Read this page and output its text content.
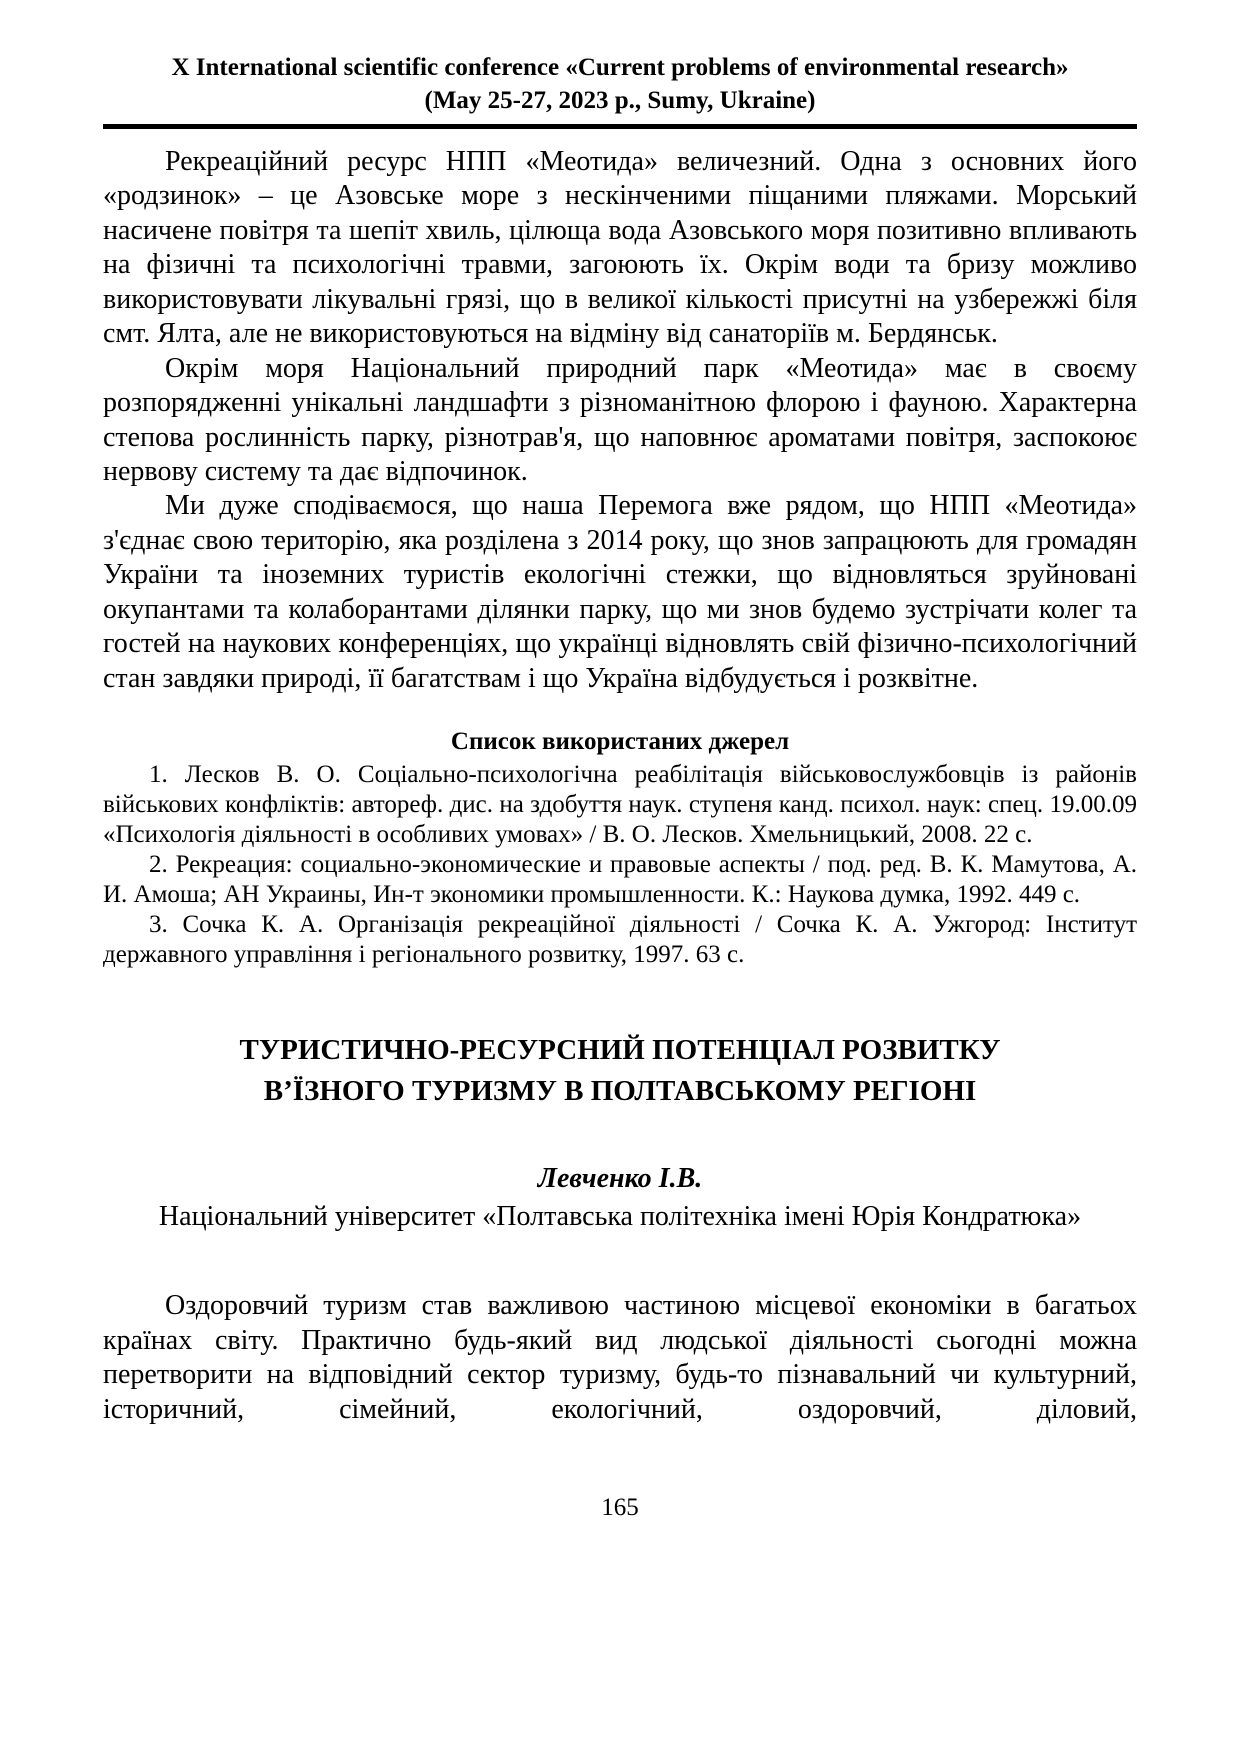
X International scientific conference «Current problems of environmental research»
(May 25-27, 2023 р., Sumy, Ukraine)

Рекреаційний ресурс НПП «Меотида» величезний. Одна з основних його «родзинок» – це Азовське море з нескінченими піщаними пляжами. Морський насичене повітря та шепіт хвиль, цілюща вода Азовського моря позитивно впливають на фізичні та психологічні травми, загоюють їх. Окрім води та бризу можливо використовувати лікувальні грязі, що в великої кількості присутні на узбережжі біля смт. Ялта, але не використовуються на відміну від санаторіїв м. Бердянськ.

Окрім моря Національний природний парк «Меотида» має в своєму розпорядженні унікальні ландшафти з різноманітною флорою і фауною. Характерна степова рослинність парку, різнотрав'я, що наповнює ароматами повітря, заспокоює нервову систему та дає відпочинок.

Ми дуже сподіваємося, що наша Перемога вже рядом, що НПП «Меотида» з'єднає свою територію, яка розділена з 2014 року, що знов запрацюють для громадян України та іноземних туристів екологічні стежки, що відновляться зруйновані окупантами та колаборантами ділянки парку, що ми знов будемо зустрічати колег та гостей на наукових конференціях, що українці відновлять свій фізично-психологічний стан завдяки природі, її багатствам і що Україна відбудується і розквітне.

Список використаних джерел

1. Лесков В. О. Соціально-психологічна реабілітація військовослужбовців із районів військових конфліктів: автореф. дис. на здобуття наук. ступеня канд. психол. наук: спец. 19.00.09 «Психологія діяльності в особливих умовах» / В. О. Лесков. Хмельницький, 2008. 22 с.

2. Рекреация: социально-экономические и правовые аспекты / под. ред. В. К. Мамутова, А. И. Амоша; АН Украины, Ин-т экономики промышленности. К.: Наукова думка, 1992. 449 с.

3. Сочка К. А. Організація рекреаційної діяльності / Сочка К. А. Ужгород: Інститут державного управління і регіонального розвитку, 1997. 63 с.

ТУРИСТИЧНО-РЕСУРСНИЙ ПОТЕНЦІАЛ РОЗВИТКУ В’ЇЗНОГО ТУРИЗМУ В ПОЛТАВСЬКОМУ РЕГІОНІ
Левченко І.В.
Національний університет «Полтавська політехніка імені Юрія Кондратюка»

Оздоровчий туризм став важливою частиною місцевої економіки в багатьох країнах світу. Практично будь-який вид людської діяльності сьогодні можна перетворити на відповідний сектор туризму, будь-то пізнавальний чи культурний, історичний, сімейний, екологічний, оздоровчий, діловий,

165
